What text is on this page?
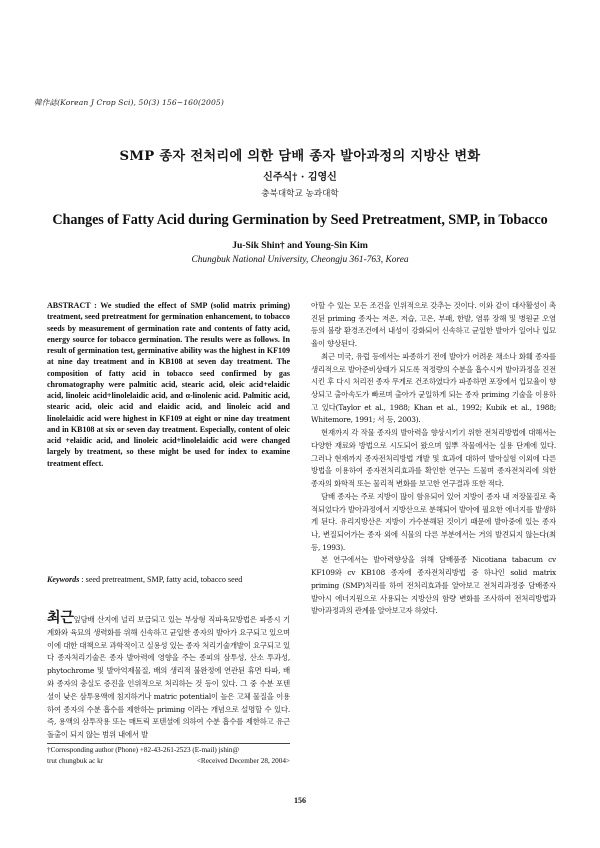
韓作誌(Korean J Crop Sci), 50(3) 156~160(2005)
SMP 종자 전처리에 의한 담배 종자 발아과정의 지방산 변화
신주식† · 김영신
충북대학교 농과대학
Changes of Fatty Acid during Germination by Seed Pretreatment, SMP, in Tobacco
Ju-Sik Shin† and Young-Sin Kim
Chungbuk National University, Cheongju 361-763, Korea
ABSTRACT : We studied the effect of SMP (solid matrix priming) treatment, seed pretreatment for germination enhancement, to tobacco seeds by measurement of germination rate and contents of fatty acid, energy source for tobacco germination. The results were as follows. In result of germination test, germinative ability was the highest in KF109 at nine day treatment and in KB108 at seven day treatment. The composition of fatty acid in tobacco seed confirmed by gas chromatography were palmitic acid, stearic acid, oleic acid+elaidic acid, linoleic acid+linolelaidic acid, and α-linolenic acid. Palmitic acid, stearic acid, oleic acid and elaidic acid, and linoleic acid and linolelaidic acid were highest in KF109 at eight or nine day treatment and in KB108 at six or seven day treatment. Especially, content of oleic acid +elaidic acid, and linoleic acid+linolelaidic acid were changed largely by treatment, so these might be used for index to examine treatment effect.
Keywords : seed pretreatment, SMP, fatty acid, tobacco seed
최근잎담배 산지에 널리 보급되고 있는 부상형 직파육묘방법은 파종시 기계화와 육묘의 생력화를 위해 신속하고 균일한 종자의 발아가 요구되고 있으며 이에 대한 대책으로 과학적이고 실용성 있는 종자 처리기술개발이 요구되고 있다 종자처리기술은 종자 발아력에 영향을 주는 종피의 삼투성, 산소 투과성, phytochrome 및 발아억제물질, 배의 생리적 불완정에 연관된 휴면 타파, 배와 종자의 충실도 증진을 인위적으로 처리하는 것 등이 있다. 그 중 수분 포텐셜이 낮은 삼투용액에 침지하거나 matric potential이 높은 고체 물질을 이용하여 종자의 수분 흡수를 제한하는 priming 이라는 개념으로 설명할 수 있다. 즉, 용액의 삼투작용 또는 매트릭 포텐셜에 의하여 수분 흡수를 제한하고 유근 돌출이 되지 않는 범위 내에서 발
†Corresponding author (Phone) +82-43-261-2523 (E-mail) jshin@
trut chungbuk ac kr	<Received December 28, 2004>

아할 수 있는 모든 조건을 인위적으로 갖추는 것이다. 이와 같이 대사활성이 촉진된 priming 종자는 저온, 저습, 고온, 부패, 한발, 염류 장해 및 병원균 오염 등의 불량 환경조건에서 내성이 강화되어 신속하고 균일한 발아가 일어나 입묘율이 향상된다.

최근 미국, 유럽 등에서는 파종하기 전에 발아가 어려운 채소나 화훼 종자를 생리적으로 발아준비상태가 되도록 적정량의 수분을 흡수시켜 발아과정을 진전시킨 후 다시 처리전 종자 무게로 건조하였다가 파종하면 포장에서 입묘율이 향상되고 출아속도가 빠르며 출아가 균일하게 되는 종자 priming 기술을 이용하고 있다(Taylor et al., 1988; Khan et al., 1992; Kubik et al., 1988; Whitemore, 1991; 서 등, 2003).

현재까지 각 작물 종자의 발아력을 향상시키기 위한 전처리방법에 대해서는 다양한 재료와 방법으로 시도되어 왔으며 잎뿌 작물에서는 실용 단계에 있다. 그러나 현재까지 종자전처리방법 개발 및 효과에 대하여 발아실험 이외에 다른 방법을 이용하여 종자전처리효과를 확인한 연구는 드물며 종자전처리에 의한 종자의 화학적 또는 물리적 변화를 보고한 연구결과 또한 적다.

담배 종자는 주로 지방이 많이 함유되어 있어 지방이 종자 내 저장물질로 축적되었다가 발아과정에서 지방산으로 분해되어 발아에 필요한 에너지를 발생하게 된다. 유리지방산은 지방이 가수분해된 것이기 때문에 발아중에 있는 종자나, 변질되어가는 종자 외에 식물의 다른 부분에서는 거의 발견되지 않는다(최 등, 1993).

본 연구에서는 발아력향상을 위해 담배품종 Nicotiana tabacum cv KF109와 cv KB108 종자에 종자전처리방법 중 하나인 solid matrix priming (SMP)처리를 하여 전처리효과를 알아보고 전처리과정중 담배종자 발아시 에너지원으로 사용되는 지방산의 함량 변화를 조사하여 전처리방법과 발아과정과의 관계를 알아보고자 하였다.

156
